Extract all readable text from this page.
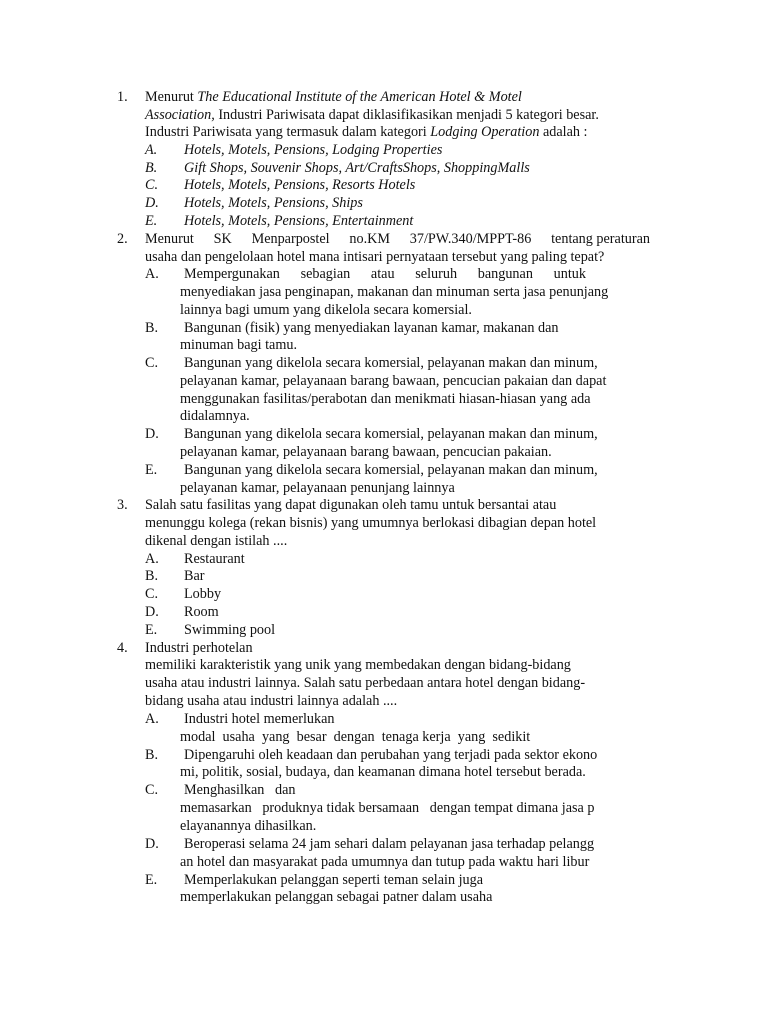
1. Menurut The Educational Institute of the American Hotel & Motel
Association, Industri Pariwisata dapat diklasifikasikan menjadi 5 kategori besar.
Industri Pariwisata yang termasuk dalam kategori Lodging Operation adalah :
A. Hotels, Motels, Pensions, Lodging Properties
B. Gift Shops, Souvenir Shops, Art/CraftsShops, ShoppingMalls
C. Hotels, Motels, Pensions, Resorts Hotels
D. Hotels, Motels, Pensions, Ships
E. Hotels, Motels, Pensions, Entertainment
2. Menurut SK Menparpostel no.KM 37/PW.340/MPPT-86 tentang peraturan
usaha dan pengelolaan hotel mana intisari pernyataan tersebut yang paling tepat?
A. Mempergunakan sebagian atau seluruh bangunan untuk
menyediakan jasa penginapan, makanan dan minuman serta jasa penunjang
lainnya bagi umum yang dikelola secara komersial.
B. Bangunan (fisik) yang menyediakan layanan kamar, makanan dan
minuman bagi tamu.
C. Bangunan yang dikelola secara komersial, pelayanan makan dan minum,
pelayanan kamar, pelayanaan barang bawaan, pencucian pakaian dan dapat
menggunakan fasilitas/perabotan dan menikmati hiasan-hiasan yang ada
didalamnya.
D. Bangunan yang dikelola secara komersial, pelayanan makan dan minum,
pelayanan kamar, pelayanaan barang bawaan, pencucian pakaian.
E. Bangunan yang dikelola secara komersial, pelayanan makan dan minum,
pelayanan kamar, pelayanaan penunjang lainnya
3. Salah satu fasilitas yang dapat digunakan oleh tamu untuk bersantai atau
menunggu kolega (rekan bisnis) yang umumnya berlokasi dibagian depan hotel
dikenal dengan istilah ....
A. Restaurant
B. Bar
C. Lobby
D. Room
E. Swimming pool
4. Industri perhotelan
memiliki karakteristik yang unik yang membedakan dengan bidang-bidang
usaha atau industri lainnya. Salah satu perbedaan antara hotel dengan bidang-
bidang usaha atau industri lainnya adalah ....
A. Industri hotel memerlukan
modal  usaha  yang  besar  dengan  tenaga kerja  yang  sedikit
B. Dipengaruhi oleh keadaan dan perubahan yang terjadi pada sektor ekono
mi, politik, sosial, budaya, dan keamanan dimana hotel tersebut berada.
C. Menghasilkan   dan
memasarkan   produknya tidak bersamaan   dengan tempat dimana jasa p
elayanannya dihasilkan.
D. Beroperasi selama 24 jam sehari dalam pelayanan jasa terhadap pelangg
an hotel dan masyarakat pada umumnya dan tutup pada waktu hari libur
E. Memperlakukan pelanggan seperti teman selain juga
memperlakukan pelanggan sebagai patner dalam usaha
